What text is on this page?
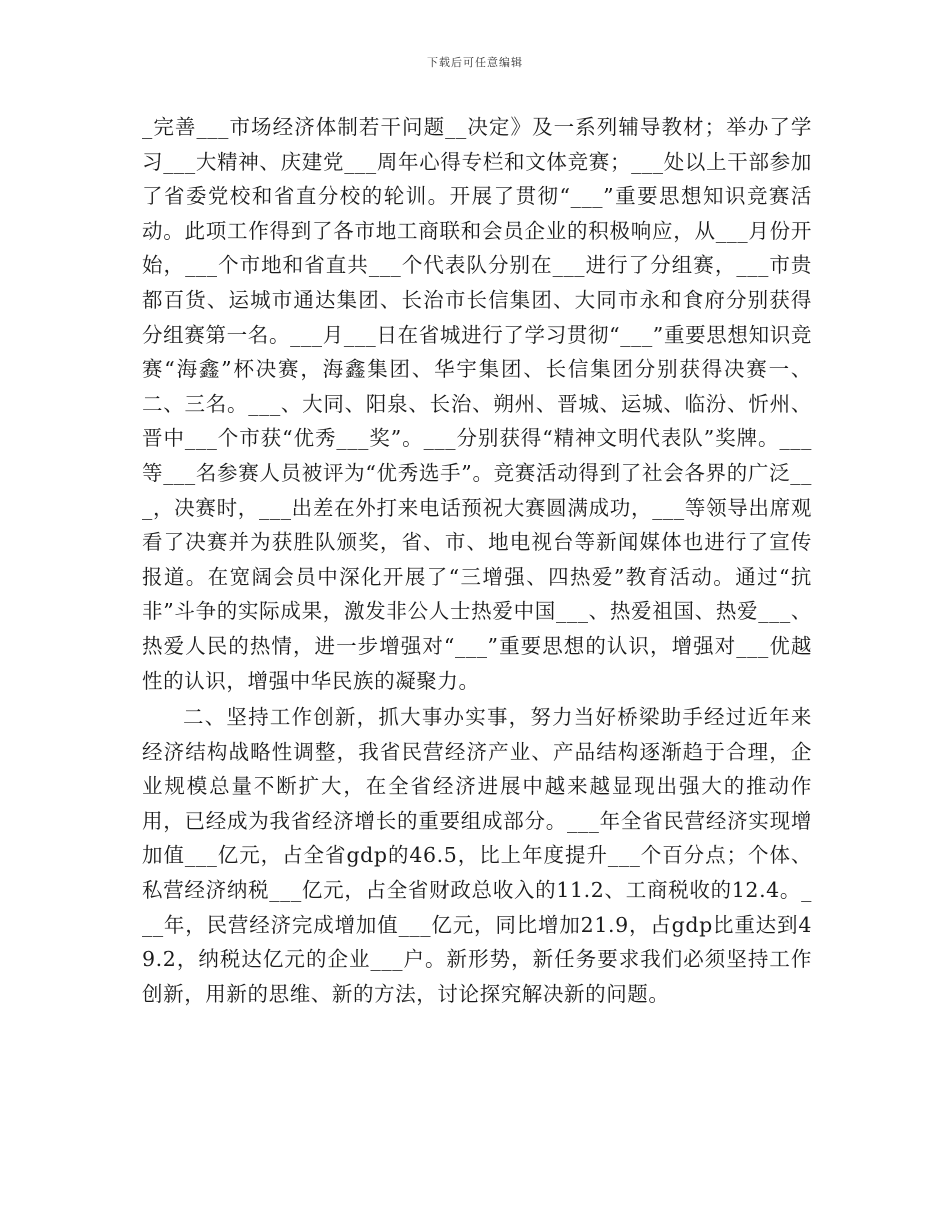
下载后可任意编辑

_完善___市场经济体制若干问题__决定》及一系列辅导教材；举办了学习___大精神、庆建党___周年心得专栏和文体竞赛；___处以上干部参加了省委党校和省直分校的轮训。开展了贯彻“___”重要思想知识竞赛活动。此项工作得到了各市地工商联和会员企业的积极响应，从___月份开始，___个市地和省直共___个代表队分别在___进行了分组赛，___市贵都百货、运城市通达集团、长治市长信集团、大同市永和食府分别获得分组赛第一名。___月___日在省城进行了学习贯彻“___”重要思想知识竞赛“海鑫”杯决赛，海鑫集团、华宇集团、长信集团分别获得决赛一、二、三名。___、大同、阳泉、长治、朔州、晋城、运城、临汾、忻州、晋中___个市获“优秀___奖”。___分别获得“精神文明代表队”奖牌。___等___名参赛人员被评为“优秀选手”。竞赛活动得到了社会各界的广泛___，决赛时，___出差在外打来电话预祝大赛圆满成功，___等领导出席观看了决赛并为获胜队颁奖，省、市、地电视台等新闻媒体也进行了宣传报道。在宽阔会员中深化开展了“三增强、四热爱”教育活动。通过“抗非”斗争的实际成果，激发非公人士热爱中国___、热爱祖国、热爱___、热爱人民的热情，进一步增强对“___”重要思想的认识，增强对___优越性的认识，增强中华民族的凝聚力。

二、坚持工作创新，抓大事办实事，努力当好桥梁助手经过近年来经济结构战略性调整，我省民营经济产业、产品结构逐渐趋于合理，企业规模总量不断扩大，在全省经济进展中越来越显现出强大的推动作用，已经成为我省经济增长的重要组成部分。___年全省民营经济实现增加值___亿元，占全省gdp的46.5，比上年度提升___个百分点；个体、私营经济纳税___亿元，占全省财政总收入的11.2、工商税收的12.4。___年，民营经济完成增加值___亿元，同比增加21.9，占gdp比重达到49.2，纳税达亿元的企业___户。新形势，新任务要求我们必须坚持工作创新，用新的思维、新的方法，讨论探究解决新的问题。
